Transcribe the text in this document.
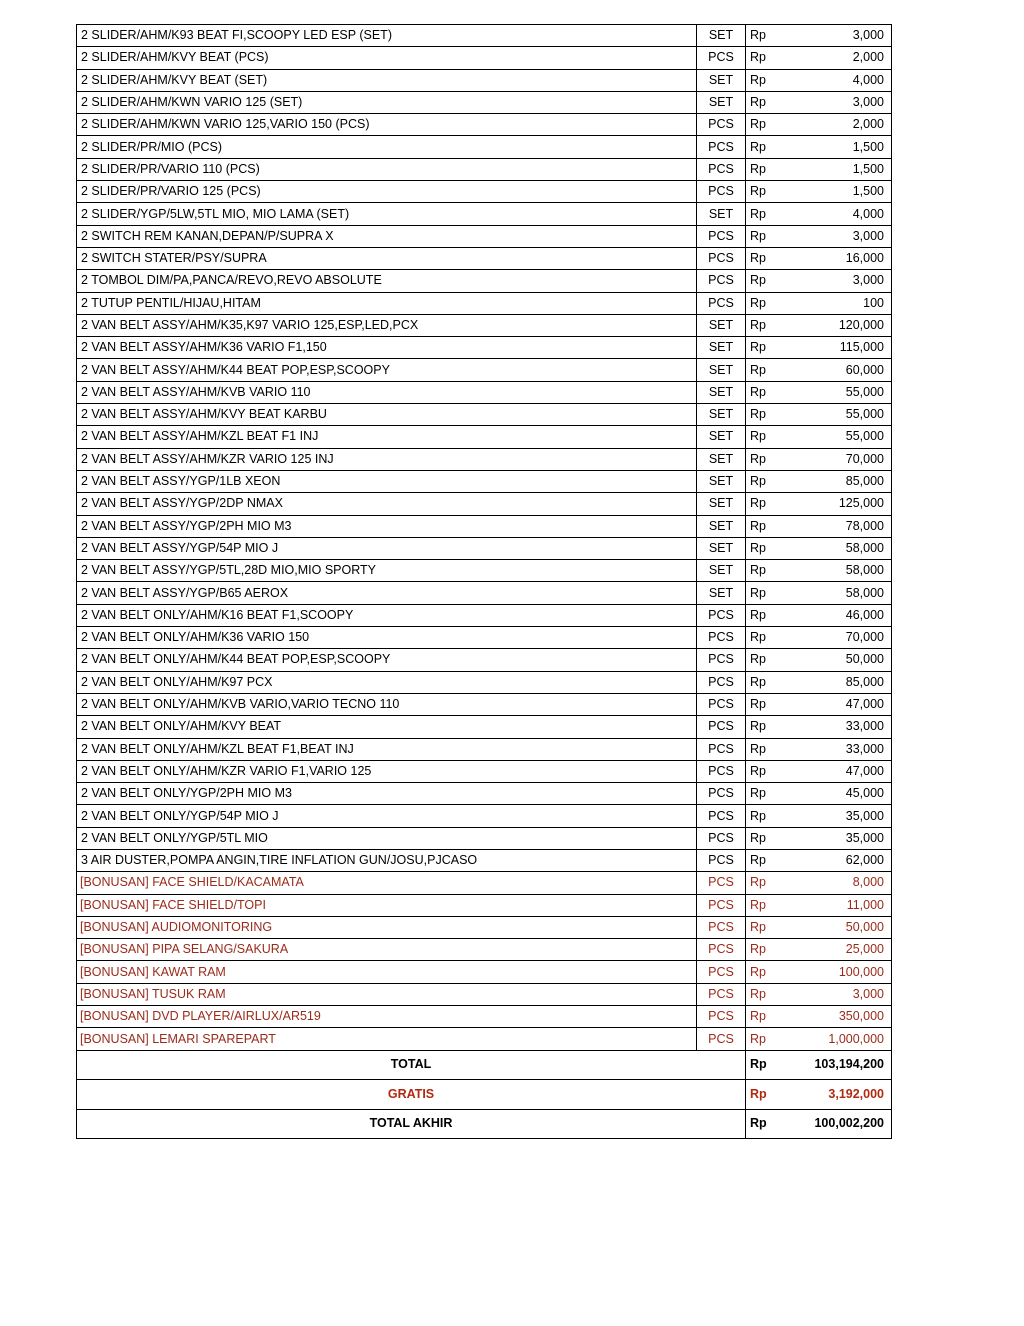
2 SLIDER/AHM/K93 BEAT FI,SCOOPY LED ESP (SET)	SET	Rp 3,000

2 SLIDER/AHM/KVY BEAT (PCS)	PCS	Rp 2,000

2 SLIDER/AHM/KVY BEAT (SET)	SET	Rp 4,000

2 SLIDER/AHM/KWN VARIO 125 (SET)	SET	Rp 3,000

2 SLIDER/AHM/KWN VARIO 125,VARIO 150 (PCS)	PCS	Rp 2,000

2 SLIDER/PR/MIO (PCS)	PCS	Rp 1,500

2 SLIDER/PR/VARIO 110 (PCS)	PCS	Rp 1,500

2 SLIDER/PR/VARIO 125 (PCS)	PCS	Rp 1,500

2 SLIDER/YGP/5LW,5TL MIO, MIO LAMA (SET)	SET	Rp 4,000

2 SWITCH REM KANAN,DEPAN/P/SUPRA X	PCS	Rp 3,000

2 SWITCH STATER/PSY/SUPRA	PCS	Rp 16,000

2 TOMBOL DIM/PA,PANCA/REVO,REVO ABSOLUTE	PCS	Rp 3,000

2 TUTUP PENTIL/HIJAU,HITAM	PCS	Rp 100

2 VAN BELT ASSY/AHM/K35,K97 VARIO 125,ESP,LED,PCX	SET	Rp 120,000

2 VAN BELT ASSY/AHM/K36 VARIO F1,150	SET	Rp 115,000

2 VAN BELT ASSY/AHM/K44 BEAT POP,ESP,SCOOPY	SET	Rp 60,000

2 VAN BELT ASSY/AHM/KVB VARIO 110	SET	Rp 55,000

2 VAN BELT ASSY/AHM/KVY BEAT KARBU	SET	Rp 55,000

2 VAN BELT ASSY/AHM/KZL BEAT F1 INJ	SET	Rp 55,000

2 VAN BELT ASSY/AHM/KZR VARIO 125 INJ	SET	Rp 70,000

2 VAN BELT ASSY/YGP/1LB XEON	SET	Rp 85,000

2 VAN BELT ASSY/YGP/2DP NMAX	SET	Rp 125,000

2 VAN BELT ASSY/YGP/2PH MIO M3	SET	Rp 78,000

2 VAN BELT ASSY/YGP/54P MIO J	SET	Rp 58,000

2 VAN BELT ASSY/YGP/5TL,28D MIO,MIO SPORTY	SET	Rp 58,000

2 VAN BELT ASSY/YGP/B65 AEROX	SET	Rp 58,000

2 VAN BELT ONLY/AHM/K16 BEAT F1,SCOOPY	PCS	Rp 46,000

2 VAN BELT ONLY/AHM/K36 VARIO 150	PCS	Rp 70,000

2 VAN BELT ONLY/AHM/K44 BEAT POP,ESP,SCOOPY	PCS	Rp 50,000

2 VAN BELT ONLY/AHM/K97 PCX	PCS	Rp 85,000

2 VAN BELT ONLY/AHM/KVB VARIO,VARIO TECNO 110	PCS	Rp 47,000

2 VAN BELT ONLY/AHM/KVY BEAT	PCS	Rp 33,000

2 VAN BELT ONLY/AHM/KZL BEAT F1,BEAT INJ	PCS	Rp 33,000

2 VAN BELT ONLY/AHM/KZR VARIO F1,VARIO 125	PCS	Rp 47,000

2 VAN BELT ONLY/YGP/2PH MIO M3	PCS	Rp 45,000

2 VAN BELT ONLY/YGP/54P MIO J	PCS	Rp 35,000

2 VAN BELT ONLY/YGP/5TL MIO	PCS	Rp 35,000

3 AIR DUSTER,POMPA ANGIN,TIRE INFLATION GUN/JOSU,PJCASO	PCS	Rp 62,000

[BONUSAN] FACE SHIELD/KACAMATA	PCS	Rp 8,000

[BONUSAN] FACE SHIELD/TOPI	PCS	Rp 11,000

[BONUSAN] AUDIOMONITORING	PCS	Rp 50,000

[BONUSAN] PIPA SELANG/SAKURA	PCS	Rp 25,000

[BONUSAN] KAWAT RAM	PCS	Rp 100,000

[BONUSAN] TUSUK RAM	PCS	Rp 3,000

[BONUSAN] DVD PLAYER/AIRLUX/AR519	PCS	Rp 350,000

[BONUSAN] LEMARI SPAREPART	PCS	Rp 1,000,000

TOTAL		Rp 103,194,200

GRATIS		Rp 3,192,000

TOTAL AKHIR		Rp 100,002,200
